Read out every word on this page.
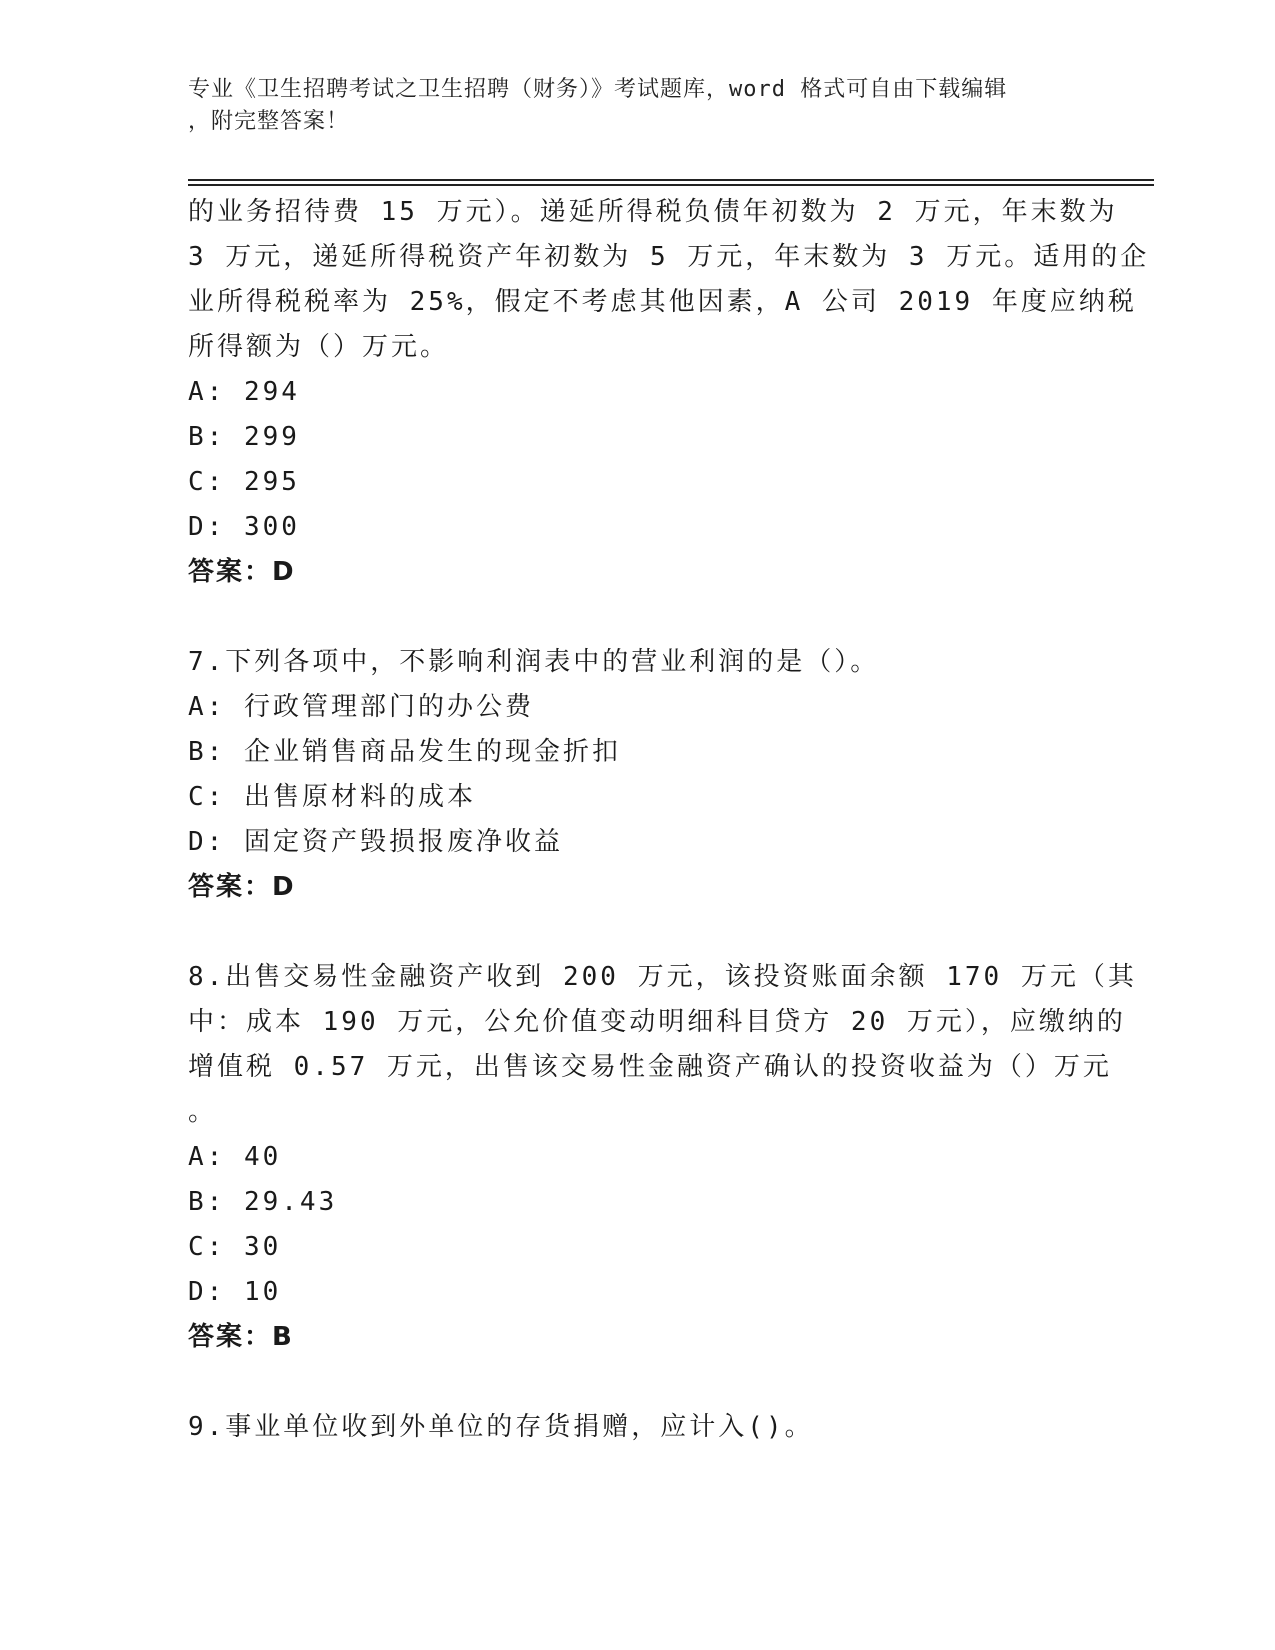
专业《卫生招聘考试之卫生招聘（财务）》考试题库，word 格式可自由下载编辑
，附完整答案！
的业务招待费 15 万元）。递延所得税负债年初数为 2 万元，年末数为
3 万元，递延所得税资产年初数为 5 万元，年末数为 3 万元。适用的企
业所得税税率为 25%，假定不考虑其他因素，A 公司 2019 年度应纳税
所得额为（）万元。
A: 294
B: 299
C: 295
D: 300
答案：D
7.下列各项中，不影响利润表中的营业利润的是（）。
A: 行政管理部门的办公费
B: 企业销售商品发生的现金折扣
C: 出售原材料的成本
D: 固定资产毁损报废净收益
答案：D
8.出售交易性金融资产收到 200 万元，该投资账面余额 170 万元（其
中：成本 190 万元，公允价值变动明细科目贷方 20 万元），应缴纳的
增值税 0.57 万元，出售该交易性金融资产确认的投资收益为（）万元
。
A: 40
B: 29.43
C: 30
D: 10
答案：B
9.事业单位收到外单位的存货捐赠，应计入()。
